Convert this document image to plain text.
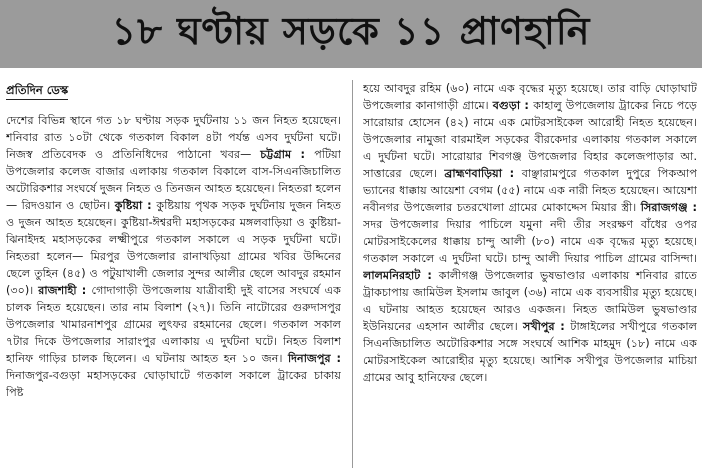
১৮ ঘণ্টায় সড়কে ১১ প্রাণহানি
প্রতিদিন ডেস্ক

দেশের বিভিন্ন স্থানে গত ১৮ ঘণ্টায় সড়ক দুর্ঘটনায় ১১ জন নিহত হয়েছেন। শনিবার রাত ১০টা থেকে গতকাল বিকাল ৪টা পর্যন্ত এসব দুর্ঘটনা ঘটে। নিজস্ব প্রতিবেদক ও প্রতিনিধিদের পাঠানো খবর— চট্টগ্রাম : পটিয়া উপজেলার কলেজ বাজার এলাকায় গতকাল বিকালে বাস-সিএনজিচালিত অটোরিকশার সংঘর্ষে দুজন নিহত ও তিনজন আহত হয়েছেন। নিহতরা হলেন— রিদওয়ান ও ছোটন। কুষ্টিয়া : কুষ্টিয়ায় পৃথক সড়ক দুর্ঘটনায় দুজন নিহত ও দুজন আহত হয়েছেন। কুষ্টিয়া-ঈশ্বরদী মহাসড়কের মঙ্গলবাড়িয়া ও কুষ্টিয়া-ঝিনাইদহ মহাসড়কের লক্ষ্মীপুরে গতকাল সকালে এ সড়ক দুর্ঘটনা ঘটে। নিহতরা হলেন— মিরপুর উপজেলার রানাখড়িয়া গ্রামের খবির উদ্দিনের ছেলে তুহিন (৪৫) ও পটুয়াখালী জেলার সুন্দর আলীর ছেলে আবদুর রহমান (৩০)। রাজশাহী : গোদাগাড়ী উপজেলায় যাত্রীবাহী দুই বাসের সংঘর্ষে এক চালক নিহত হয়েছেন। তার নাম বিলাশ (২৭)। তিনি নাটোরের গুরুদাসপুর উপজেলার খামারনাশপুর গ্রামের লুৎফর রহমানের ছেলে। গতকাল সকাল ৭টার দিকে উপজেলার সারাংপুর এলাকায় এ দুর্ঘটনা ঘটে। নিহত বিলাশ হানিফ গাড়ির চালক ছিলেন। এ ঘটনায় আহত হন ১০ জন। দিনাজপুর : দিনাজপুর-বগুড়া মহাসড়কের ঘোড়াঘাটে গতকাল সকালে ট্রাকের চাকায় পিষ্ট

হয়ে আবদুর রহিম (৬০) নামে এক বৃদ্ধের মৃত্যু হয়েছে। তার বাড়ি ঘোড়াঘাট উপজেলার কানাগাড়ী গ্রামে। বগুড়া : কাহালু উপজেলায় ট্রাকের নিচে পড়ে সারোয়ার হোসেন (৪২) নামে এক মোটরসাইকেল আরোহী নিহত হয়েছেন। উপজেলার নামুজা বারমাইল সড়কের বীরকেদার এলাকায় গতকাল সকালে এ দুর্ঘটনা ঘটে। সারোয়ার শিবগঞ্জ উপজেলার বিহার কলেজপাড়ার আ. সাত্তারের ছেলে। ব্রাহ্মণবাড়িয়া : বাঞ্ছারামপুরে গতকাল দুপুরে পিকআপ ভ্যানের ধাক্কায় আয়েশা বেগম (৫৫) নামে এক নারী নিহত হয়েছেন। আয়েশা নবীনগর উপজেলার চতরখোলা গ্রামের মোকাদ্দেস মিয়ার স্ত্রী। সিরাজগঞ্জ : সদর উপজেলার দিয়ার পাচিলে যমুনা নদী তীর সংরক্ষণ বাঁধের ওপর মোটরসাইকেলের ধাক্কায় চান্দু আলী (৮০) নামে এক বৃদ্ধের মৃত্যু হয়েছে। গতকাল সকালে এ দুর্ঘটনা ঘটে। চান্দু আলী দিয়ার পাচিল গ্রামের বাসিন্দা। লালমনিরহাট : কালীগঞ্জ উপজেলার ভুষভাণ্ডার এলাকায় শনিবার রাতে ট্রাকচাপায় জামিউল ইসলাম জাবুল (৩৬) নামে এক ব্যবসায়ীর মৃত্যু হয়েছে। এ ঘটনায় আহত হয়েছেন আরও একজন। নিহত জামিউল ভুষভাণ্ডার ইউনিয়নের এহসান আলীর ছেলে। সখীপুর : টাঙ্গাইলের সখীপুরে গতকাল সিএনজিচালিত অটোরিকশার সঙ্গে সংঘর্ষে আশিক মাহমুদ (১৮) নামে এক মোটরসাইকেল আরোহীর মৃত্যু হয়েছে। আশিক সখীপুর উপজেলার মাচিয়া গ্রামের আবু হানিফের ছেলে।
